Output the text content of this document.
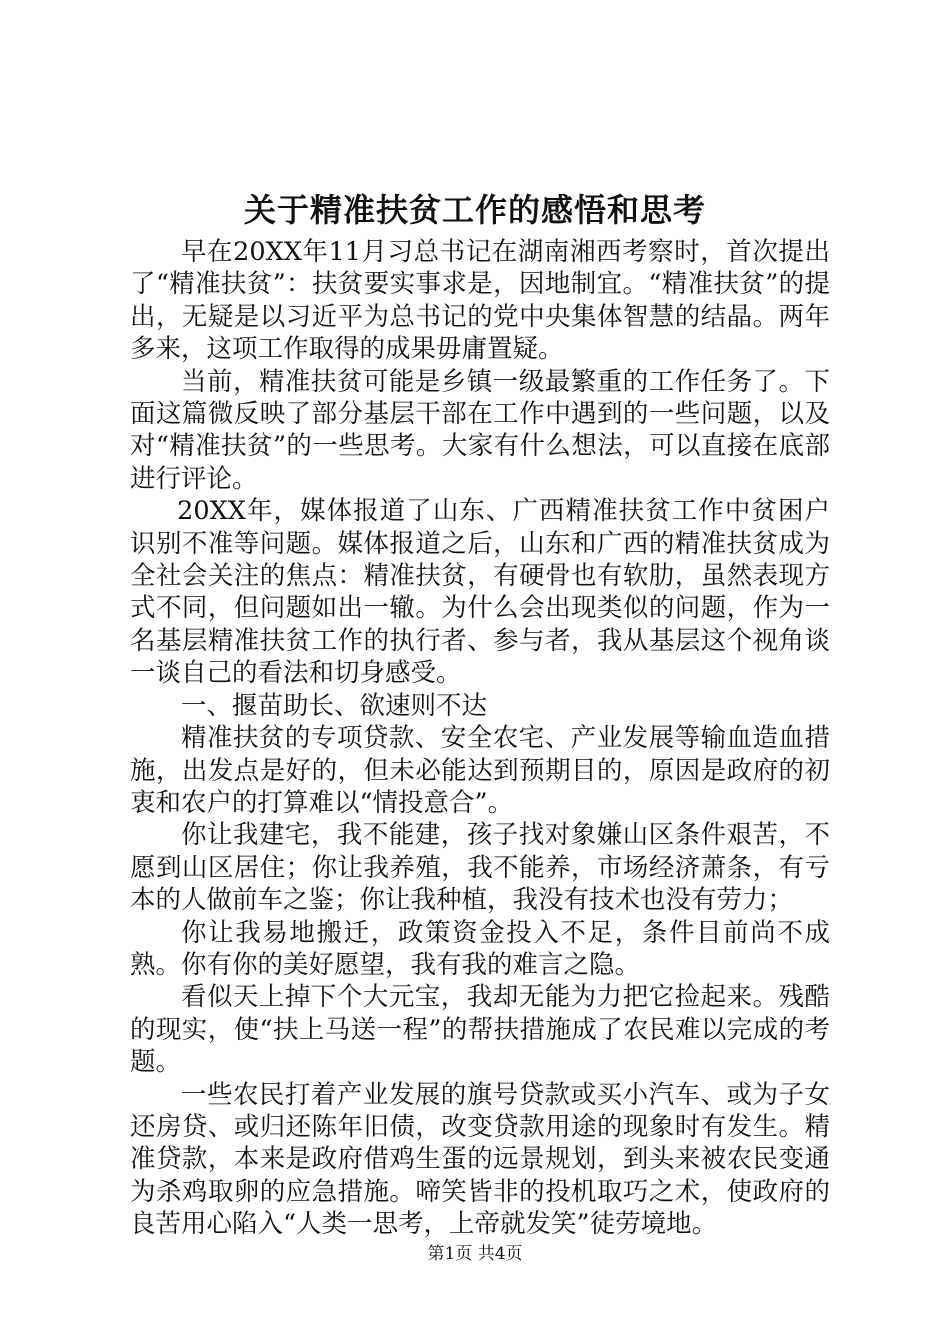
关于精准扶贫工作的感悟和思考

早在20XX年11月习总书记在湖南湘西考察时，首次提出了“精准扶贫”：扶贫要实事求是，因地制宜。“精准扶贫”的提出，无疑是以习近平为总书记的党中央集体智慧的结晶。两年多来，这项工作取得的成果毋庸置疑。

当前，精准扶贫可能是乡镇一级最繁重的工作任务了。下面这篇微反映了部分基层干部在工作中遇到的一些问题，以及对“精准扶贫”的一些思考。大家有什么想法，可以直接在底部进行评论。

20XX年，媒体报道了山东、广西精准扶贫工作中贫困户识别不准等问题。媒体报道之后，山东和广西的精准扶贫成为全社会关注的焦点：精准扶贫，有硬骨也有软肋，虽然表现方式不同，但问题如出一辙。为什么会出现类似的问题，作为一名基层精准扶贫工作的执行者、参与者，我从基层这个视角谈一谈自己的看法和切身感受。

一、揠苗助长、欲速则不达

精准扶贫的专项贷款、安全农宅、产业发展等输血造血措施，出发点是好的，但未必能达到预期目的，原因是政府的初衷和农户的打算难以“情投意合”。

你让我建宅，我不能建，孩子找对象嫌山区条件艰苦，不愿到山区居住；你让我养殖，我不能养，市场经济萧条，有亏本的人做前车之鉴；你让我种植，我没有技术也没有劳力；

你让我易地搬迁，政策资金投入不足，条件目前尚不成熟。你有你的美好愿望，我有我的难言之隐。

看似天上掉下个大元宝，我却无能为力把它捡起来。残酷的现实，使“扶上马送一程”的帮扶措施成了农民难以完成的考题。

一些农民打着产业发展的旗号贷款或买小汽车、或为子女还房贷、或归还陈年旧债，改变贷款用途的现象时有发生。精准贷款，本来是政府借鸡生蛋的远景规划，到头来被农民变通为杀鸡取卵的应急措施。啼笑皆非的投机取巧之术，使政府的良苦用心陷入“人类一思考，上帝就发笑”徒劳境地。

第1页 共4页
